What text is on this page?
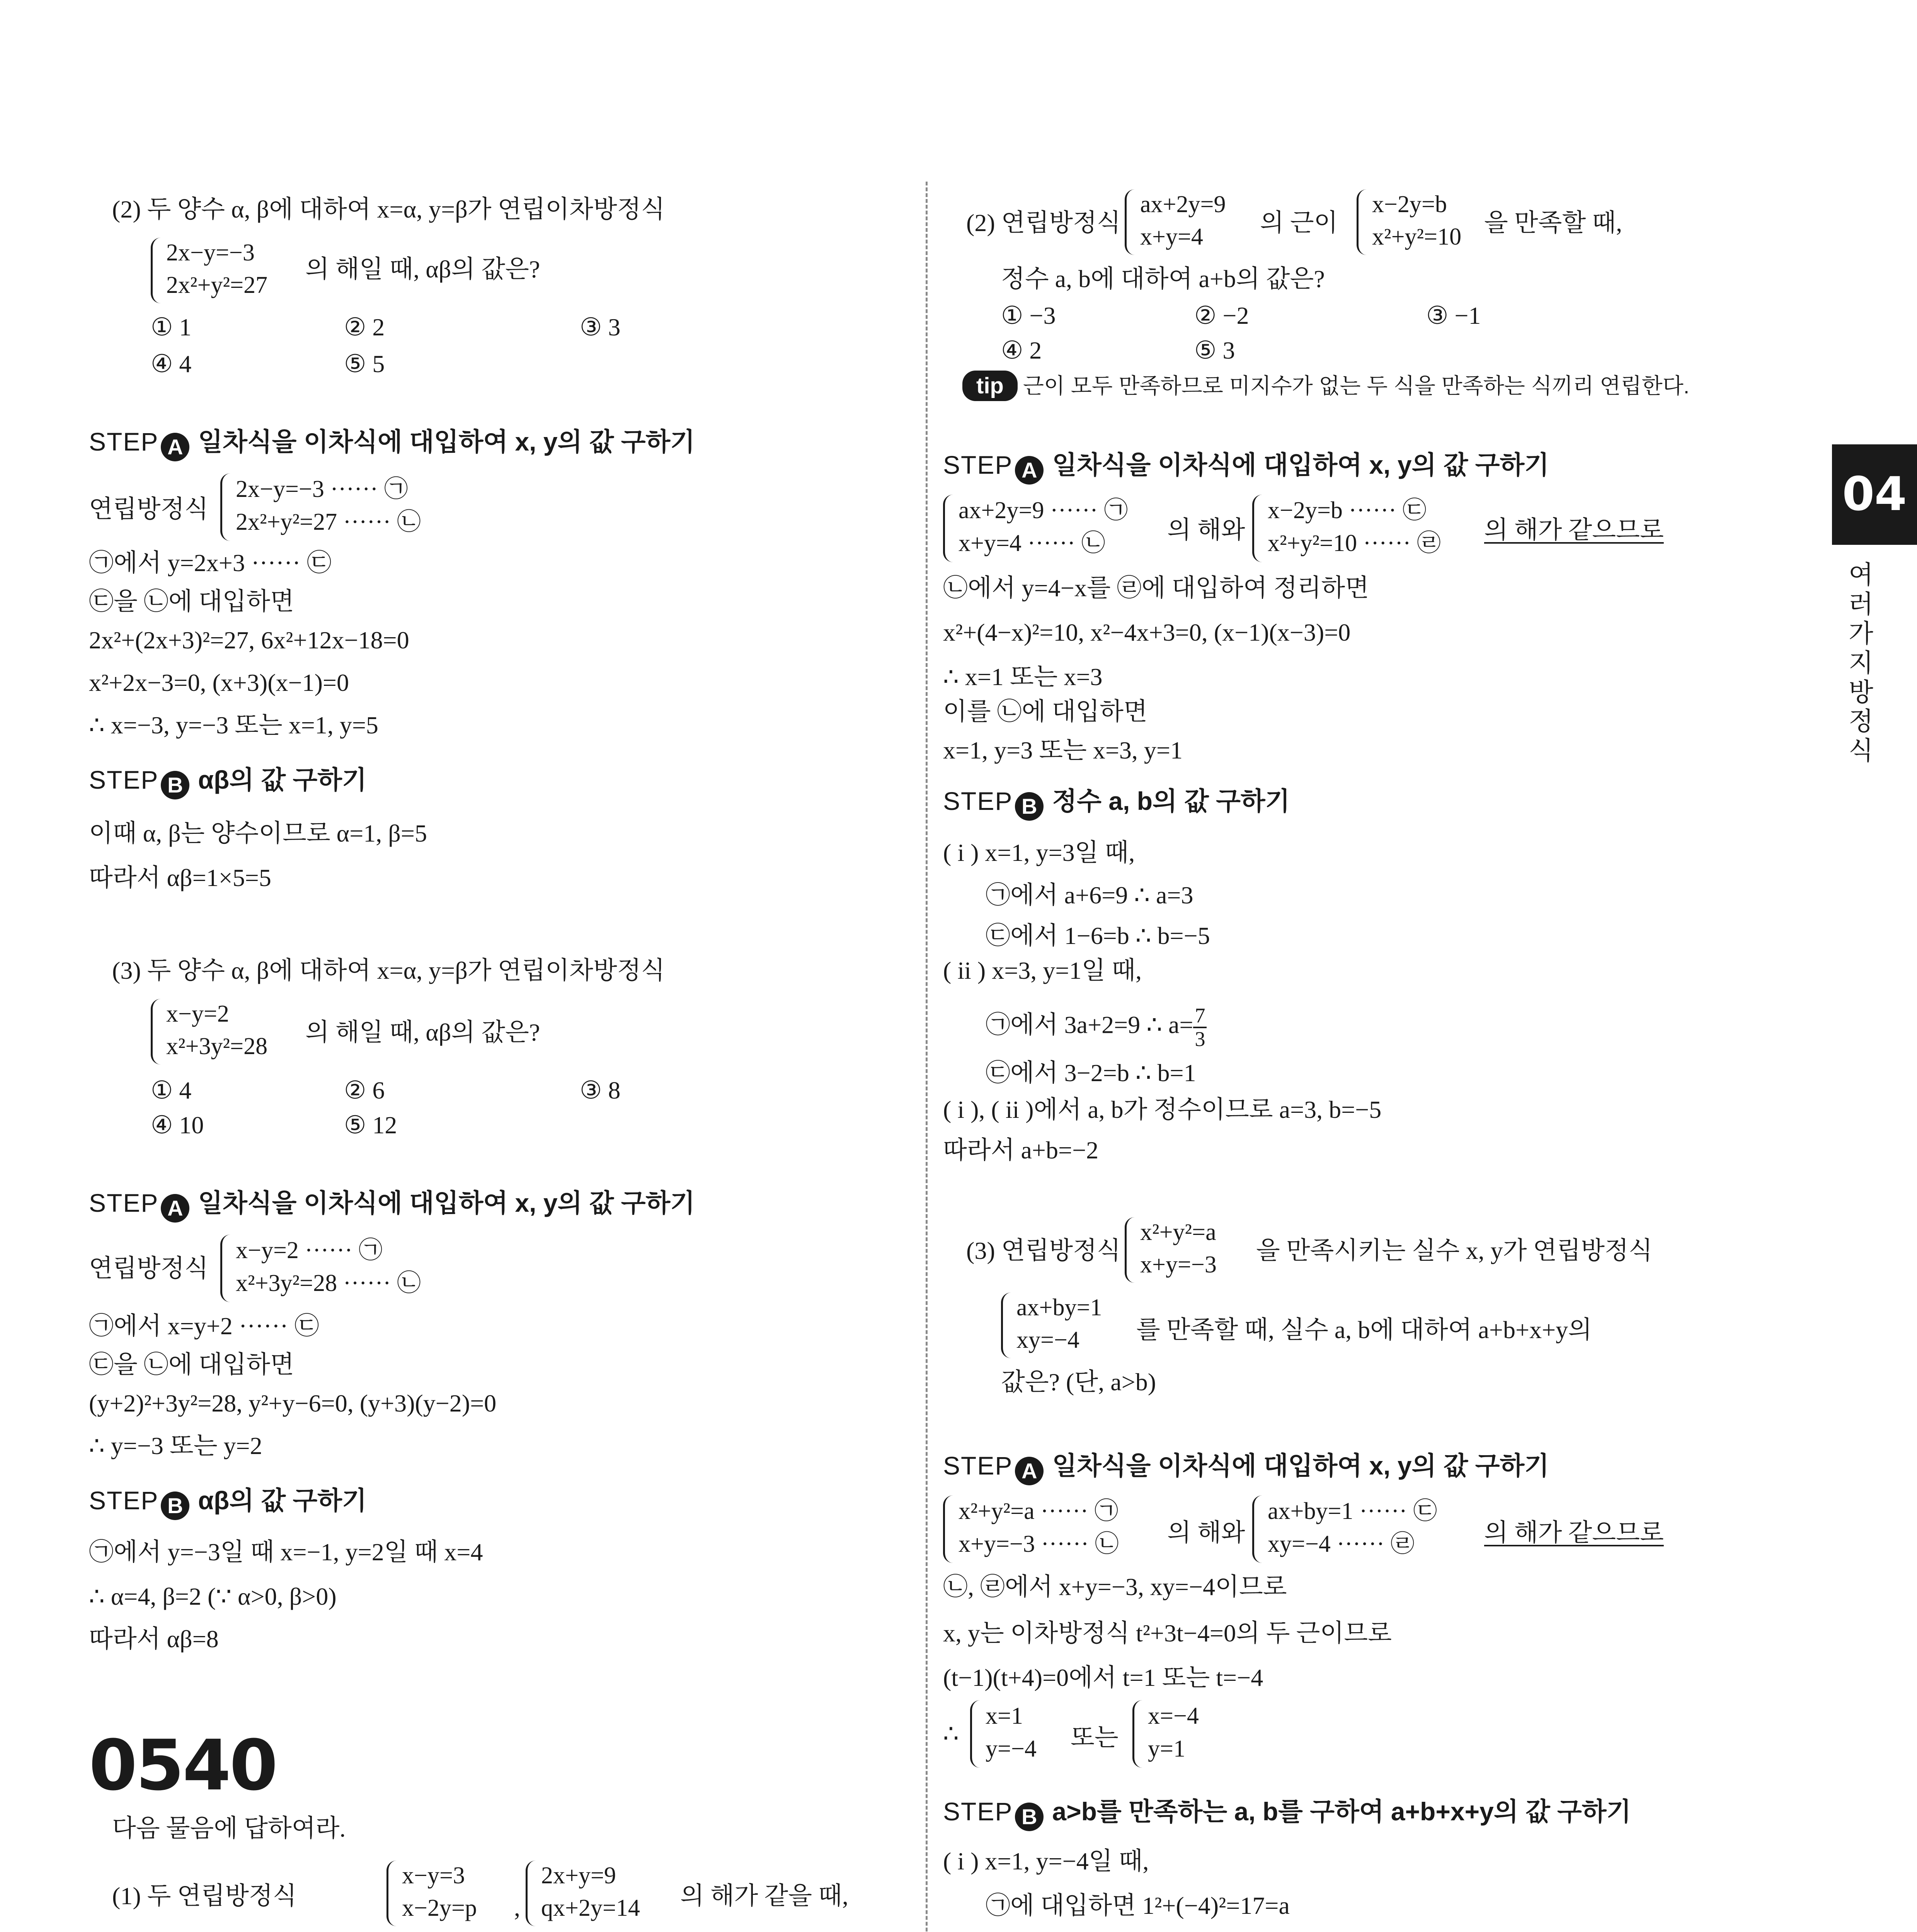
(2) 두 양수 α, β에 대하여 x=α, y=β가 연립이차방정식
2x−y=−3
2x²+y²=27
의 해일 때, αβ의 값은?
① 1	② 2	③ 3
④ 4	⑤ 5
STEP A 일차식을 이차식에 대입하여 x, y의 값 구하기
연립방정식
2x−y=−3 ······ ㉠
2x²+y²=27 ······ ㉡
㉠에서 y=2x+3 ······ ㉢
㉢을 ㉡에 대입하면
2x²+(2x+3)²=27, 6x²+12x−18=0
x²+2x−3=0, (x+3)(x−1)=0
∴ x=−3, y=−3 또는 x=1, y=5
STEP B αβ의 값 구하기
이때 α, β는 양수이므로 α=1, β=5
따라서 αβ=1×5=5
(3) 두 양수 α, β에 대하여 x=α, y=β가 연립이차방정식
x−y=2
x²+3y²=28
의 해일 때, αβ의 값은?
① 4	② 6	③ 8
④ 10	⑤ 12
STEP A 일차식을 이차식에 대입하여 x, y의 값 구하기
연립방정식
x−y=2 ······ ㉠
x²+3y²=28 ······ ㉡
㉠에서 x=y+2 ······ ㉢
㉢을 ㉡에 대입하면
(y+2)²+3y²=28, y²+y−6=0, (y+3)(y−2)=0
∴ y=−3 또는 y=2
STEP B αβ의 값 구하기
㉠에서 y=−3일 때 x=−1, y=2일 때 x=4
∴ α=4, β=2 (∵ α>0, β>0)
따라서 αβ=8
0540
다음 물음에 답하여라.
(1) 두 연립방정식
x−y=3
x−2y=p ,
2x+y=9
qx+2y=14 의 해가 같을 때,
(2) 연립방정식
ax+2y=9
x+y=4
의 근이
x−2y=b
x²+y²=10
을 만족할 때,
정수 a, b에 대하여 a+b의 값은?
① −3	② −2	③ −1
④ 2	⑤ 3
tip 근이 모두 만족하므로 미지수가 없는 두 식을 만족하는 식끼리 연립한다.
STEP A 일차식을 이차식에 대입하여 x, y의 값 구하기
ax+2y=9 ······ ㉠
x+y=4 ······ ㉡	의 해와
x−2y=b ······ ㉢
x²+y²=10 ······ ㉣ 의 해가 같으므로
㉡에서 y=4−x를 ㉣에 대입하여 정리하면
x²+(4−x)²=10, x²−4x+3=0, (x−1)(x−3)=0
∴ x=1 또는 x=3
이를 ㉡에 대입하면
x=1, y=3 또는 x=3, y=1
STEP B 정수 a, b의 값 구하기
( i ) x=1, y=3일 때,
㉠에서 a+6=9 ∴ a=3
㉢에서 1−6=b ∴ b=−5
( ii ) x=3, y=1일 때,
㉠에서 3a+2=9 ∴ $a= \frac{7}{3}$
㉢에서 3−2=b ∴ b=1
( i ), ( ii )에서 a, b가 정수이므로 a=3, b=−5
따라서 a+b=−2
(3) 연립방정식
x²+y²=a
x+y=−3
을 만족시키는 실수 x, y가 연립방정식
ax+by=1
xy=−4 를 만족할 때, 실수 a, b에 대하여 a+b+x+y의
값은? (단, a>b)
STEP A 일차식을 이차식에 대입하여 x, y의 값 구하기
x²+y²=a ······ ㉠
x+y=−3 ······ ㉡ 의 해와
ax+by=1 ······ ㉢
xy=−4 ······ ㉣	의 해가 같으므로
㉡, ㉣에서 x+y=−3, xy=−4이므로
x, y는 이차방정식 t²+3t−4=0의 두 근이므로
(t−1)(t+4)=0에서 t=1 또는 t=−4
∴
x=1
y=−4 또는
x=−4
y=1
STEP B a>b를 만족하는 a, b를 구하여 a+b+x+y의 값 구하기
( i ) x=1, y=−4일 때,
㉠에 대입하면 1²+(−4)²=17=a
04
여
러
가
지
방
정
식
